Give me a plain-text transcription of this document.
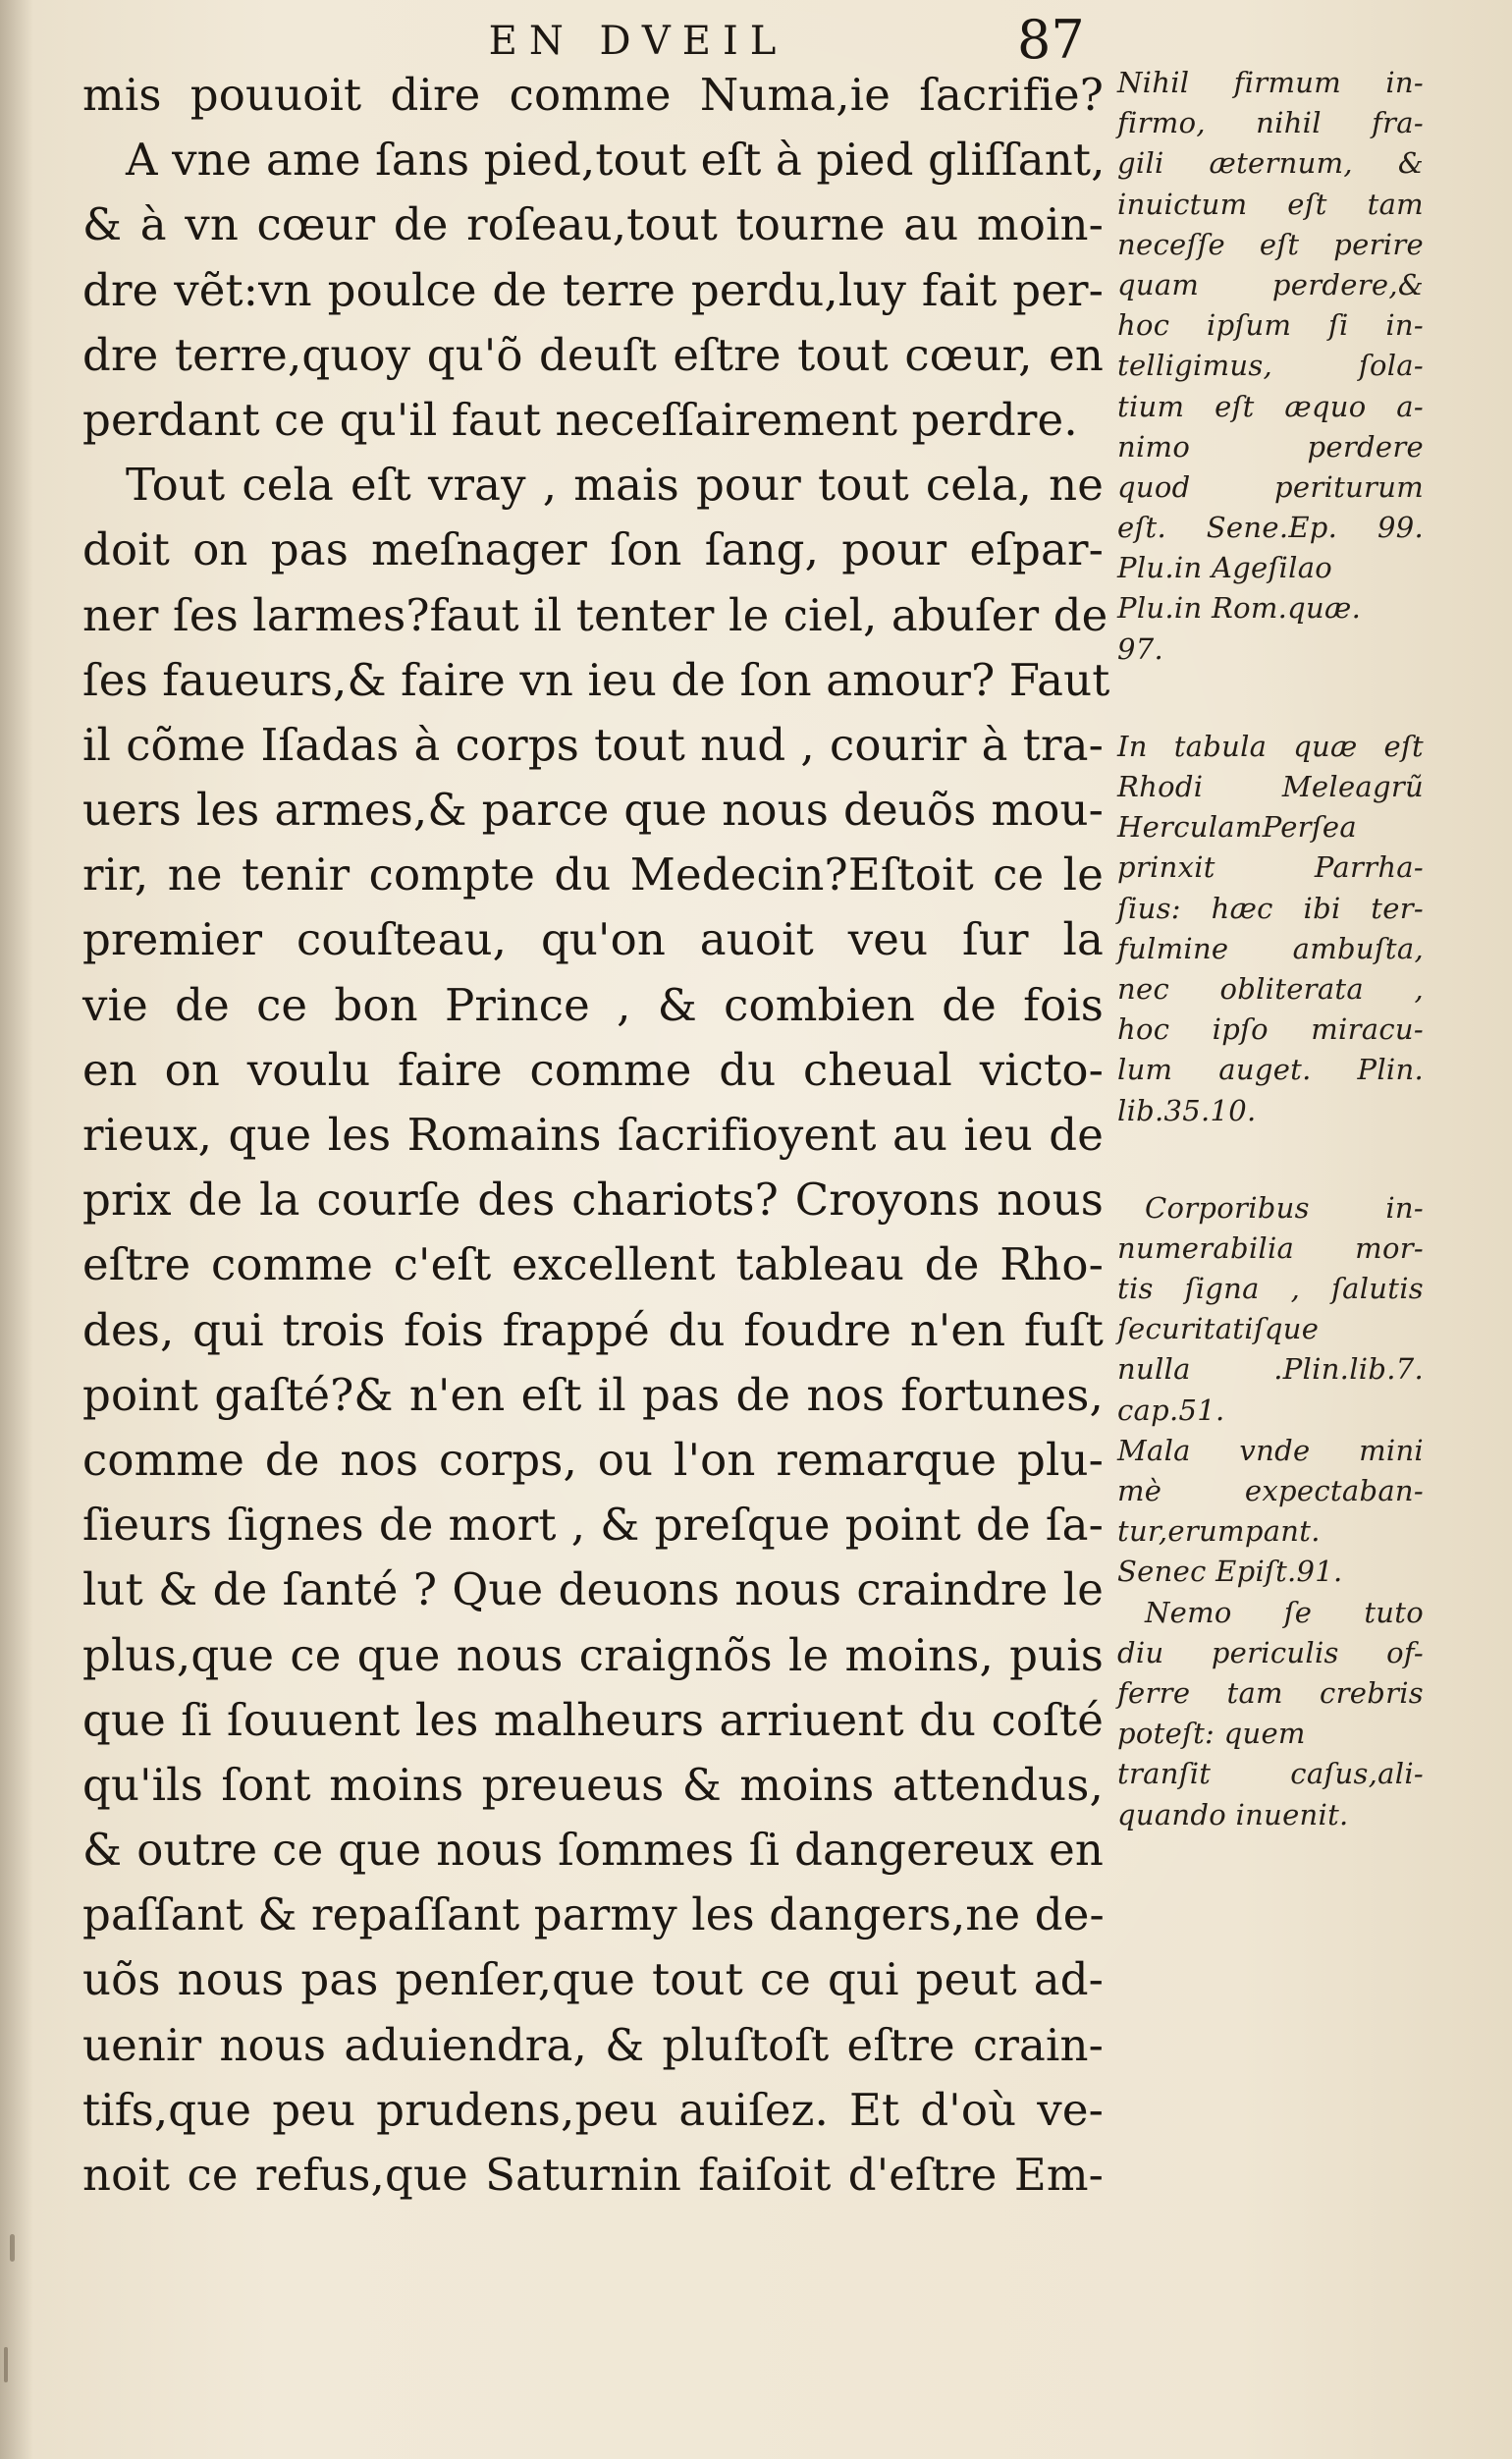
EN DVEIL	87
mis pouuoit dire comme Numa,ie ſacrifie?
A vne ame ſans pied,tout eſt à pied gliſſant,
& à vn cœur de roſeau,tout tourne au moin-
dre vẽt:vn poulce de terre perdu,luy fait per-
dre terre,quoy qu'õ deuſt eſtre tout cœur, en
perdant ce qu'il faut neceſſairement perdre.
Tout cela eſt vray , mais pour tout cela, ne
doit on pas meſnager ſon ſang, pour eſpar-
ner ſes larmes?faut il tenter le ciel, abuſer de
ſes faueurs,& faire vn ieu de ſon amour? Faut
il cõme Iſadas à corps tout nud , courir à tra-
uers les armes,& parce que nous deuõs mou-
rir, ne tenir compte du Medecin?Eſtoit ce le
premier couſteau, qu'on auoit veu ſur la
vie de ce bon Prince , & combien de fois
en on voulu faire comme du cheual victo-
rieux, que les Romains ſacrifioyent au ieu de
prix de la courſe des chariots? Croyons nous
eſtre comme c'eſt excellent tableau de Rho-
des, qui trois fois frappé du foudre n'en fuſt
point gaſté?& n'en eſt il pas de nos fortunes,
comme de nos corps, ou l'on remarque plu-
ſieurs ſignes de mort , & preſque point de ſa-
lut & de ſanté ? Que deuons nous craindre le
plus,que ce que nous craignõs le moins, puis
que ſi ſouuent les malheurs arriuent du coſté
qu'ils ſont moins preueus & moins attendus,
& outre ce que nous ſommes ſi dangereux en
paſſant & repaſſant parmy les dangers,ne de-
uõs nous pas penſer,que tout ce qui peut ad-
uenir nous aduiendra, & pluſtoſt eſtre crain-
tifs,que peu prudens,peu auiſez. Et d'où ve-
noit ce refus,que Saturnin faiſoit d'eſtre Em-
Nihil firmum in-
firmo, nihil fra-
gili æternum, &
inuictum eſt tam
neceſſe eſt perire
quam perdere,&
hoc ipſum ſi in-
telligimus, ſola-
tium eſt æquo a-
nimo perdere
quod periturum
eſt. Sene.Ep. 99.
Plu.in Ageſilao
Plu.in Rom.quæ.
97.
In tabula quæ eſt
Rhodi Meleagrũ
HerculamPerſea
prinxit Parrha-
ſius: hæc ibi ter-
fulmine ambuſta,
nec obliterata ,
hoc ipſo miracu-
lum auget. Plin.
lib.35.10.
Corporibus in-
numerabilia mor-
tis ſigna , ſalutis
ſecuritatiſque
nulla .Plin.lib.7.
cap.51.
Mala vnde mini
mè expectaban-
tur,erumpant.
Senec Epiſt.91.
Nemo ſe tuto
diu periculis of-
ferre tam crebris
poteſt: quem
tranſit caſus,ali-
quando inuenit.
